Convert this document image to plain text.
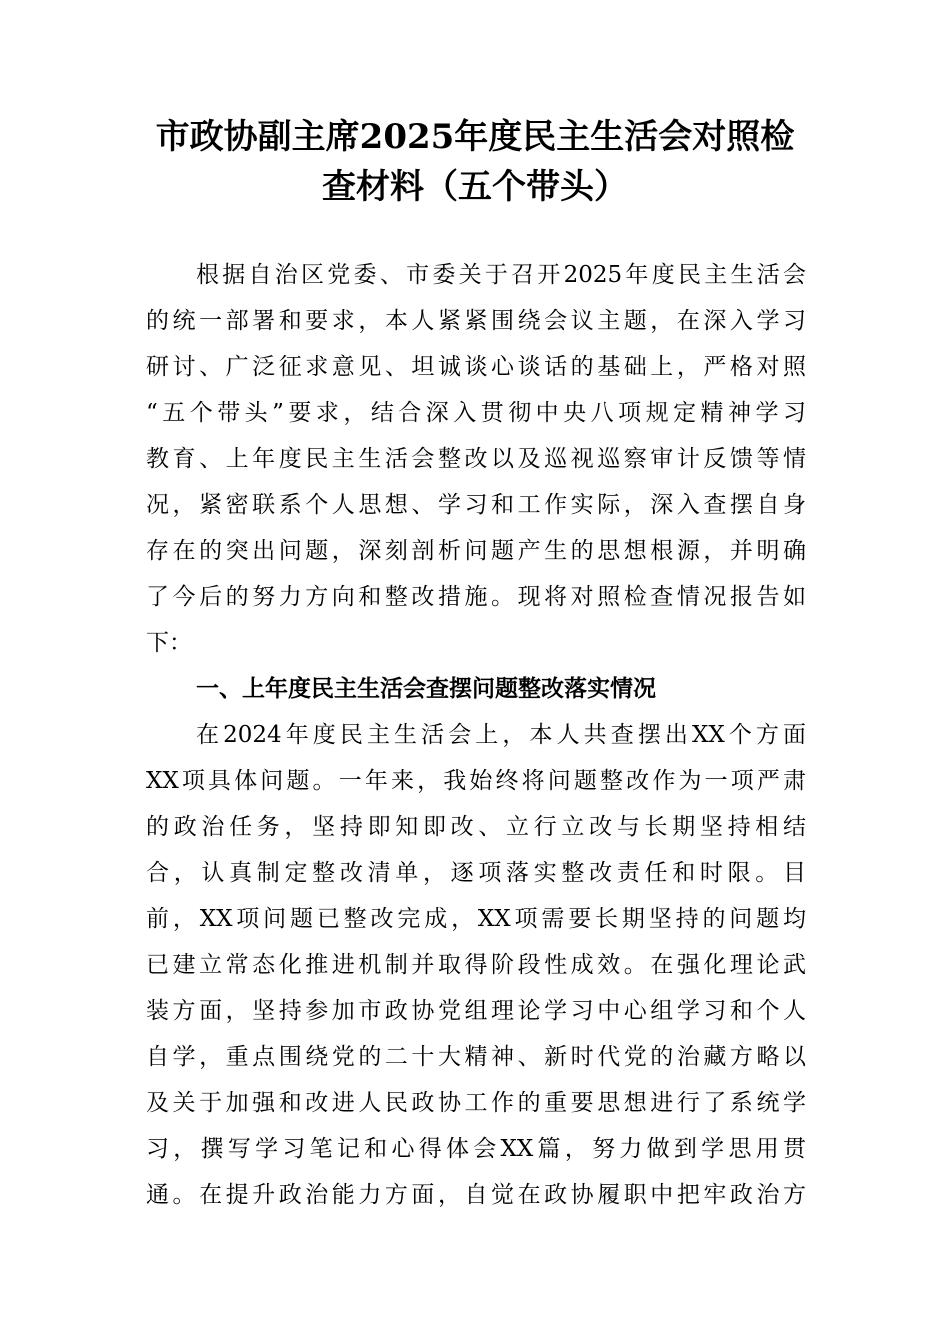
市政协副主席2025年度民主生活会对照检
查材料（五个带头）
根据自治区党委、市委关于召开2025年度民主生活会
的统一部署和要求，本人紧紧围绕会议主题，在深入学习
研讨、广泛征求意见、坦诚谈心谈话的基础上，严格对照
“五个带头”要求，结合深入贯彻中央八项规定精神学习
教育、上年度民主生活会整改以及巡视巡察审计反馈等情
况，紧密联系个人思想、学习和工作实际，深入查摆自身
存在的突出问题，深刻剖析问题产生的思想根源，并明确
了今后的努力方向和整改措施。现将对照检查情况报告如
下：
一、上年度民主生活会查摆问题整改落实情况
在2024年度民主生活会上，本人共查摆出XX个方面
XX项具体问题。一年来，我始终将问题整改作为一项严肃
的政治任务，坚持即知即改、立行立改与长期坚持相结
合，认真制定整改清单，逐项落实整改责任和时限。目
前，XX项问题已整改完成，XX项需要长期坚持的问题均
已建立常态化推进机制并取得阶段性成效。在强化理论武
装方面，坚持参加市政协党组理论学习中心组学习和个人
自学，重点围绕党的二十大精神、新时代党的治藏方略以
及关于加强和改进人民政协工作的重要思想进行了系统学
习，撰写学习笔记和心得体会XX篇，努力做到学思用贯
通。在提升政治能力方面，自觉在政协履职中把牢政治方
